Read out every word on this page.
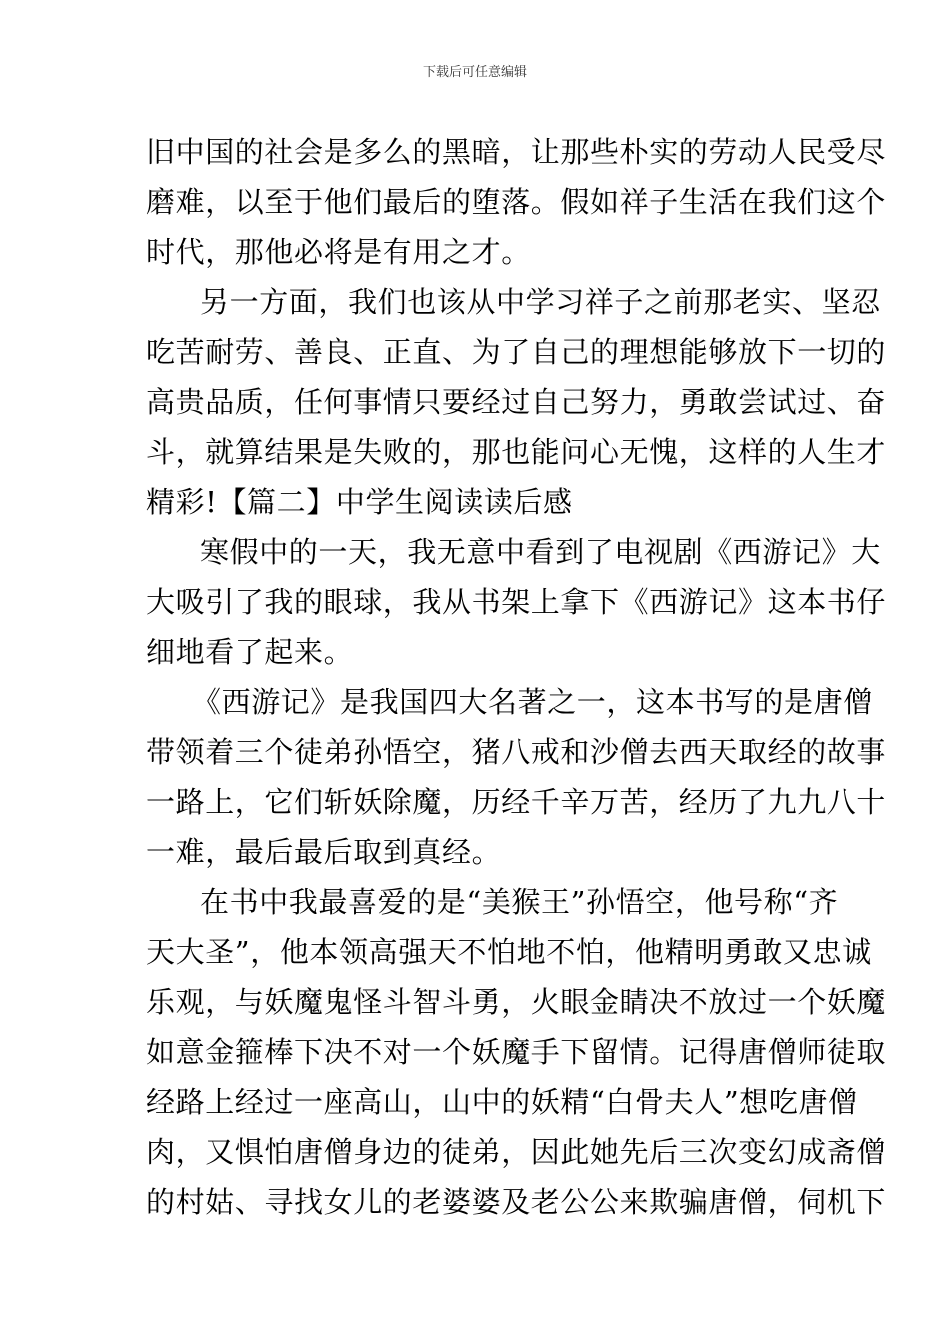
下载后可任意编辑
旧中国的社会是多么的黑暗，让那些朴实的劳动人民受尽
磨难，以至于他们最后的堕落。假如祥子生活在我们这个
时代，那他必将是有用之才。
另一方面，我们也该从中学习祥子之前那老实、坚忍
吃苦耐劳、善良、正直、为了自己的理想能够放下一切的
高贵品质，任何事情只要经过自己努力，勇敢尝试过、奋
斗，就算结果是失败的，那也能问心无愧，这样的人生才
精彩!【篇二】中学生阅读读后感
寒假中的一天，我无意中看到了电视剧《西游记》大
大吸引了我的眼球，我从书架上拿下《西游记》这本书仔
细地看了起来。
《西游记》是我国四大名著之一，这本书写的是唐僧
带领着三个徒弟孙悟空，猪八戒和沙僧去西天取经的故事
一路上，它们斩妖除魔，历经千辛万苦，经历了九九八十
一难，最后最后取到真经。
在书中我最喜爱的是“美猴王”孙悟空，他号称“齐
天大圣”，他本领高强天不怕地不怕，他精明勇敢又忠诚
乐观，与妖魔鬼怪斗智斗勇，火眼金睛决不放过一个妖魔
如意金箍棒下决不对一个妖魔手下留情。记得唐僧师徒取
经路上经过一座高山，山中的妖精“白骨夫人”想吃唐僧
肉，又惧怕唐僧身边的徒弟，因此她先后三次变幻成斋僧
的村姑、寻找女儿的老婆婆及老公公来欺骗唐僧，伺机下
